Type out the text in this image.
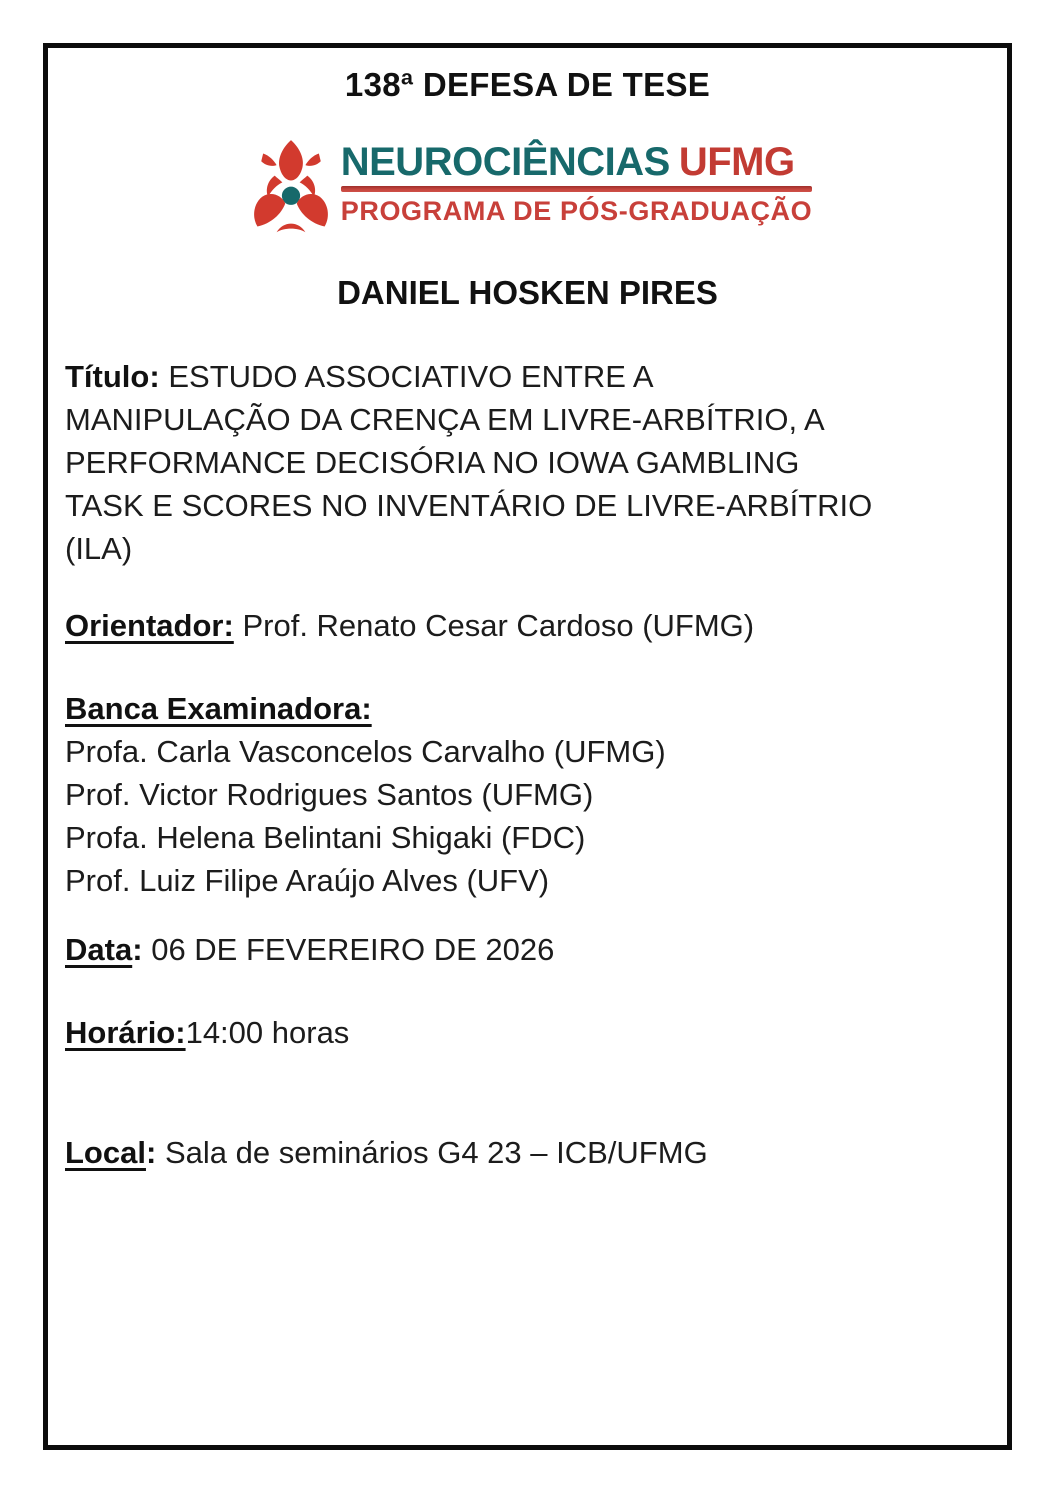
138ª DEFESA DE TESE
NEUROCIÊNCIAS UFMG
PROGRAMA DE PÓS-GRADUAÇÃO
DANIEL HOSKEN PIRES
Título: ESTUDO ASSOCIATIVO ENTRE A
MANIPULAÇÃO DA CRENÇA EM LIVRE-ARBÍTRIO, A
PERFORMANCE DECISÓRIA NO IOWA GAMBLING
TASK E SCORES NO INVENTÁRIO DE LIVRE-ARBÍTRIO
(ILA)
Orientador: Prof. Renato Cesar Cardoso (UFMG)
Banca Examinadora:
Profa. Carla Vasconcelos Carvalho (UFMG)
Prof. Victor Rodrigues Santos (UFMG)
Profa. Helena Belintani Shigaki (FDC)
Prof. Luiz Filipe Araújo Alves (UFV)
Data: 06 DE FEVEREIRO DE 2026
Horário:14:00 horas
Local: Sala de seminários G4 23 – ICB/UFMG
